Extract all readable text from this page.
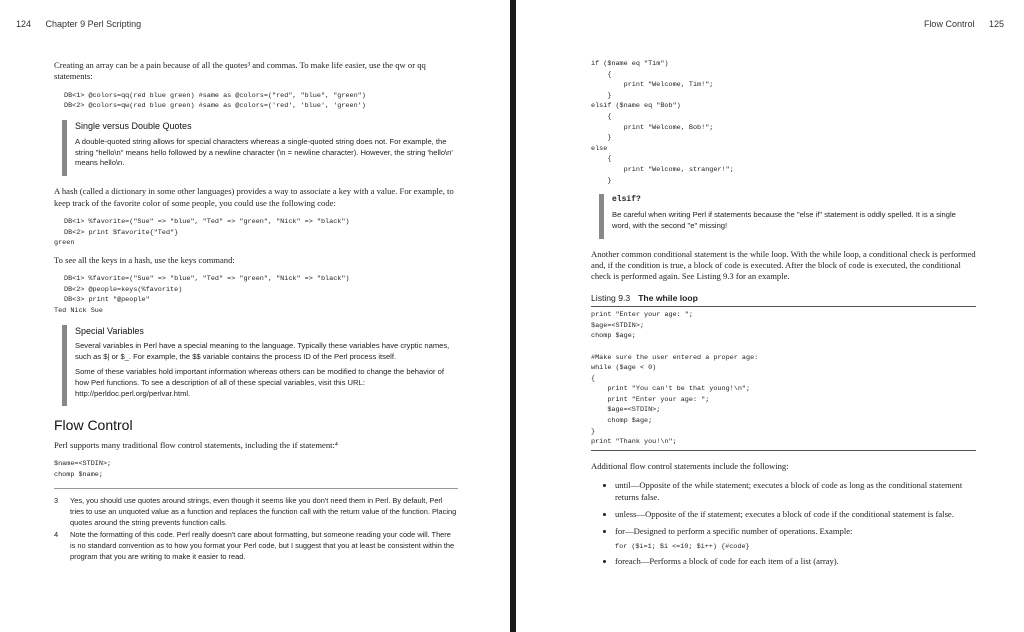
124 Chapter 9 Perl Scripting

Creating an array can be a pain because of all the quotes³ and commas. To make life easier, use the qw or qq statements:

DB<1> @colors=qq(red blue green) #same as @colors=("red", "blue", "green")
DB<2> @colors=qw(red blue green) #same as @colors=('red', 'blue', 'green')
Single versus Double Quotes

A double-quoted string allows for special characters whereas a single-quoted string does not. For example, the string "hello\n" means hello followed by a newline character (\n = newline character). However, the string 'hello\n' means hello\n.

A hash (called a dictionary in some other languages) provides a way to associate a key with a value. For example, to keep track of the favorite color of some people, you could use the following code:

DB<1> %favorite=("Sue" => "blue", "Ted" => "green", "Nick" => "black")
DB<2> print $favorite{"Ted"}
green

To see all the keys in a hash, use the keys command:

DB<1> %favorite=("Sue" => "blue", "Ted" => "green", "Nick" => "black")
DB<2> @people=keys(%favorite)
DB<3> print "@people"
Ted Nick Sue
Special Variables

Several variables in Perl have a special meaning to the language. Typically these variables have cryptic names, such as $| or $_. For example, the $$ variable contains the process ID of the Perl process itself.

Some of these variables hold important information whereas others can be modified to change the behavior of how Perl functions. To see a description of all of these special variables, visit this URL: http://perldoc.perl.org/perlvar.html.

Flow Control

Perl supports many traditional flow control statements, including the if statement:⁴

$name=<STDIN>;
chomp $name;
3	Yes, you should use quotes around strings, even though it seems like you don't need them in Perl. By default, Perl tries to use an unquoted value as a function and replaces the function call with the return value of the function. Placing quotes around the string prevents function calls.
4	Note the formatting of this code. Perl really doesn't care about formatting, but someone reading your code will. There is no standard convention as to how you format your Perl code, but I suggest that you at least be consistent within the program that you are writing to make it easier to read.
Flow Control 125
if ($name eq "Tim")
{
print "Welcome, Tim!";
}
elsif ($name eq "Bob")
{
print "Welcome, Bob!";
}
else
{
print "Welcome, stranger!";
}
elsif?

Be careful when writing Perl if statements because the "else if" statement is oddly spelled. It is a single word, with the second "e" missing!

Another common conditional statement is the while loop. With the while loop, a conditional check is performed and, if the condition is true, a block of code is executed. After the block of code is executed, the conditional check is performed again. See Listing 9.3 for an example.

Listing 9.3 The while loop
print "Enter your age: ";
$age=<STDIN>;
chomp $age;

#Make sure the user entered a proper age:
while ($age < 0)
{
print "You can't be that young!\n";
print "Enter your age: ";
$age=<STDIN>;
chomp $age;
}
print "Thank you!\n";

Additional flow control statements include the following:

• until—Opposite of the while statement; executes a block of code as long as the conditional statement returns false.
• unless—Opposite of the if statement; executes a block of code if the conditional statement is false.
• for—Designed to perform a specific number of operations. Example:
for ($i=1; $i <=10; $i++) {#code}
• foreach—Performs a block of code for each item of a list (array).
